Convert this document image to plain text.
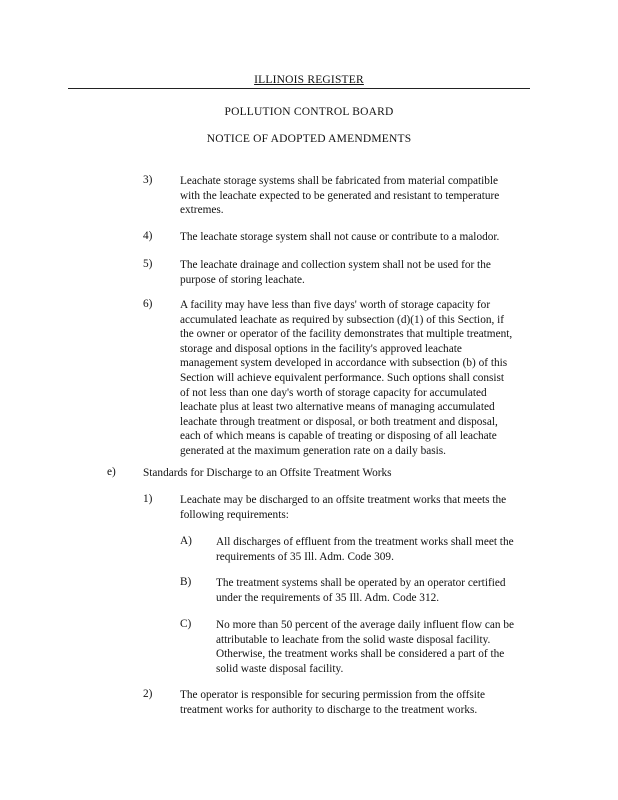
ILLINOIS REGISTER
POLLUTION CONTROL BOARD
NOTICE OF ADOPTED AMENDMENTS
3) Leachate storage systems shall be fabricated from material compatible
with the leachate expected to be generated and resistant to temperature
extremes.
4) The leachate storage system shall not cause or contribute to a malodor.
5) The leachate drainage and collection system shall not be used for the
purpose of storing leachate.
6) A facility may have less than five days' worth of storage capacity for
accumulated leachate as required by subsection (d)(1) of this Section, if
the owner or operator of the facility demonstrates that multiple treatment,
storage and disposal options in the facility's approved leachate
management system developed in accordance with subsection (b) of this
Section will achieve equivalent performance. Such options shall consist
of not less than one day's worth of storage capacity for accumulated
leachate plus at least two alternative means of managing accumulated
leachate through treatment or disposal, or both treatment and disposal,
each of which means is capable of treating or disposing of all leachate
generated at the maximum generation rate on a daily basis.
e) Standards for Discharge to an Offsite Treatment Works
1) Leachate may be discharged to an offsite treatment works that meets the
following requirements:
A) All discharges of effluent from the treatment works shall meet the
requirements of 35 Ill. Adm. Code 309.
B) The treatment systems shall be operated by an operator certified
under the requirements of 35 Ill. Adm. Code 312.
C) No more than 50 percent of the average daily influent flow can be
attributable to leachate from the solid waste disposal facility.
Otherwise, the treatment works shall be considered a part of the
solid waste disposal facility.
2) The operator is responsible for securing permission from the offsite
treatment works for authority to discharge to the treatment works.
